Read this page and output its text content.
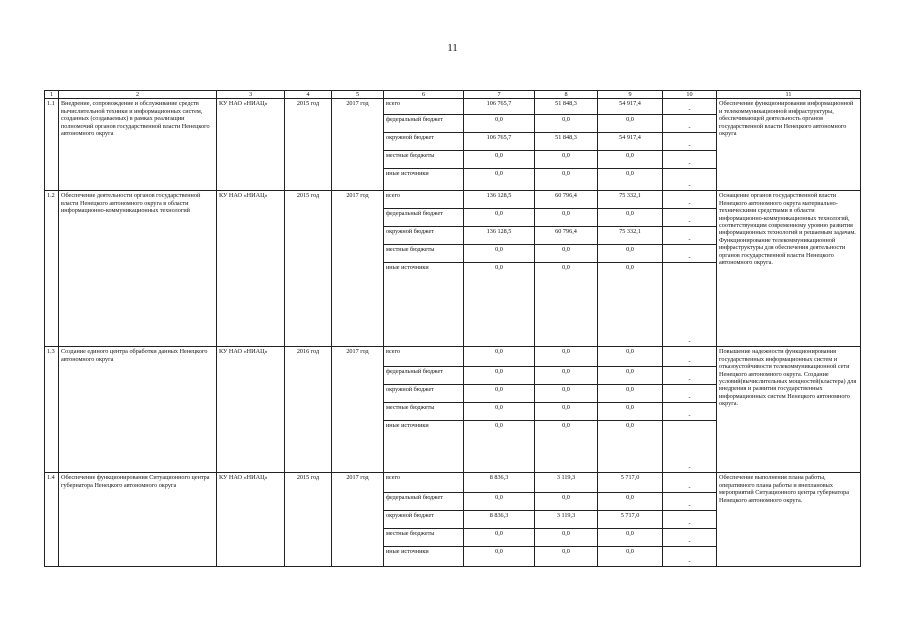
11
1	2	3	4	5	6	7	8	9	10	11
1.1	Внедрение, сопровождение и обслуживание средств вычислительной техники и информационных систем, созданных (создаваемых) в рамках реализации полномочий органов государственной власти Ненецкого автономного округа	КУ НАО «НИАЦ»	2015 год	2017 год	всего	106 765,7	51 848,3	54 917,4	-	Обеспечение функционирования информационной и телекоммуникационной инфраструктуры, обеспечивающей деятельность органов государственной власти Ненецкого автономного округа
					федеральный бюджет	0,0	0,0	0,0	-	
					окружной бюджет	106 765,7	51 848,3	54 917,4	-	
					местные бюджеты	0,0	0,0	0,0	-	
					иные источники	0,0	0,0	0,0	-	
1.2	Обеспечение деятельности органов государственной власти Ненецкого автономного округа в области информационно-коммуникационных технологий	КУ НАО «НИАЦ»	2015 год	2017 год	всего	136 128,5	60 796,4	75 332,1	-	Оснащение органов государственной власти Ненецкого автономного округа материально-техническими средствами в области информационно-коммуникационных технологий, соответствующим современному уровню развития информационных технологий и решаемым задачам. Функционирование телекоммуникационной инфраструктуры для обеспечения деятельности органов государственной власти Ненецкого автономного округа.
					федеральный бюджет	0,0	0,0	0,0	-	
					окружной бюджет	136 128,5	60 796,4	75 332,1	-	
					местные бюджеты	0,0	0,0	0,0	-	
					иные источники	0,0	0,0	0,0	-	
1.3	Создание единого центра обработки данных Ненецкого автономного округа	КУ НАО «НИАЦ»	2016 год	2017 год	всего	0,0	0,0	0,0	-	Повышение надежности функционирования государственных информационных систем и отказоустойчивости телекоммуникационной сети Ненецкого автономного округа. Создание условий(вычислительных мощностей(кластера) для внедрения и развития государственных информационных систем Ненецкого автономного округа.
					федеральный бюджет	0,0	0,0	0,0	-	
					окружной бюджет	0,0	0,0	0,0	-	
					местные бюджеты	0,0	0,0	0,0	-	
					иные источники	0,0	0,0	0,0	-	
1.4	Обеспечение функционирования Ситуационного центра губернатора Ненецкого автономного округа	КУ НАО «НИАЦ»	2015 год	2017 год	всего	8 836,3	3 119,3	5 717,0	-	Обеспечение выполнения плана работы, оперативного плана работы и внеплановых мероприятий Ситуационного центра губернатора Ненецкого автономного округа.
					федеральный бюджет	0,0	0,0	0,0	-	
					окружной бюджет	8 836,3	3 119,3	5 717,0	-	
					местные бюджеты	0,0	0,0	0,0	-	
					иные источники	0,0	0,0	0,0	-	
